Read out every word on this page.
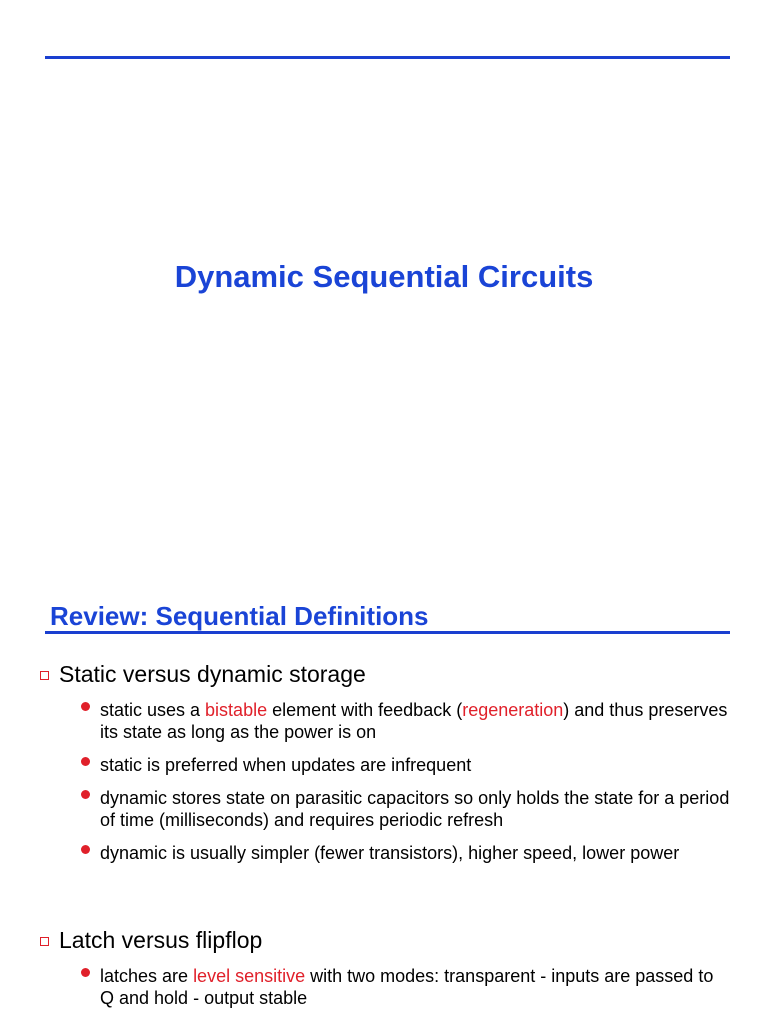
Dynamic Sequential Circuits
Review: Sequential Definitions
Static versus dynamic storage
static uses a bistable element with feedback (regeneration) and thus preserves its state as long as the power is on
static is preferred when updates are infrequent
dynamic stores state on parasitic capacitors so only holds the state for a period of time (milliseconds) and requires periodic refresh
dynamic is usually simpler (fewer transistors), higher speed, lower power
Latch versus flipflop
latches are level sensitive with two modes: transparent - inputs are passed to Q and hold - output stable
